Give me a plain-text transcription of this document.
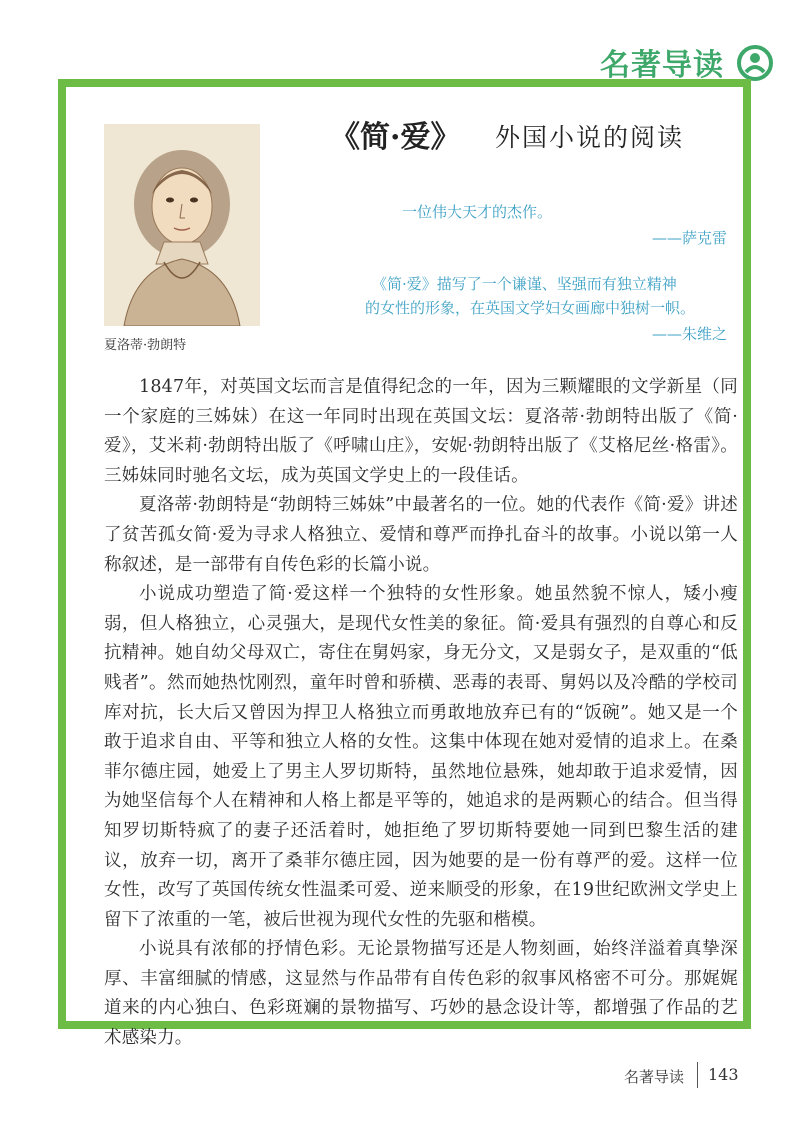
名著导读
夏洛蒂·勃朗特
《简·爱》 外国小说的阅读
一位伟大天才的杰作。
——萨克雷
《简·爱》描写了一个谦谨、坚强而有独立精神
的女性的形象，在英国文学妇女画廊中独树一帜。
——朱维之

1847年，对英国文坛而言是值得纪念的一年，因为三颗耀眼的文学新星（同一个家庭的三姊妹）在这一年同时出现在英国文坛：夏洛蒂·勃朗特出版了《简·爱》，艾米莉·勃朗特出版了《呼啸山庄》，安妮·勃朗特出版了《艾格尼丝·格雷》。三姊妹同时驰名文坛，成为英国文学史上的一段佳话。

夏洛蒂·勃朗特是“勃朗特三姊妹”中最著名的一位。她的代表作《简·爱》讲述了贫苦孤女简·爱为寻求人格独立、爱情和尊严而挣扎奋斗的故事。小说以第一人称叙述，是一部带有自传色彩的长篇小说。

小说成功塑造了简·爱这样一个独特的女性形象。她虽然貌不惊人，矮小瘦弱，但人格独立，心灵强大，是现代女性美的象征。简·爱具有强烈的自尊心和反抗精神。她自幼父母双亡，寄住在舅妈家，身无分文，又是弱女子，是双重的“低贱者”。然而她热忱刚烈，童年时曾和骄横、恶毒的表哥、舅妈以及冷酷的学校司库对抗，长大后又曾因为捍卫人格独立而勇敢地放弃已有的“饭碗”。她又是一个敢于追求自由、平等和独立人格的女性。这集中体现在她对爱情的追求上。在桑菲尔德庄园，她爱上了男主人罗切斯特，虽然地位悬殊，她却敢于追求爱情，因为她坚信每个人在精神和人格上都是平等的，她追求的是两颗心的结合。但当得知罗切斯特疯了的妻子还活着时，她拒绝了罗切斯特要她一同到巴黎生活的建议，放弃一切，离开了桑菲尔德庄园，因为她要的是一份有尊严的爱。这样一位女性，改写了英国传统女性温柔可爱、逆来顺受的形象，在19世纪欧洲文学史上留下了浓重的一笔，被后世视为现代女性的先驱和楷模。

小说具有浓郁的抒情色彩。无论景物描写还是人物刻画，始终洋溢着真挚深厚、丰富细腻的情感，这显然与作品带有自传色彩的叙事风格密不可分。那娓娓道来的内心独白、色彩斑斓的景物描写、巧妙的悬念设计等，都增强了作品的艺术感染力。

名著导读 143
